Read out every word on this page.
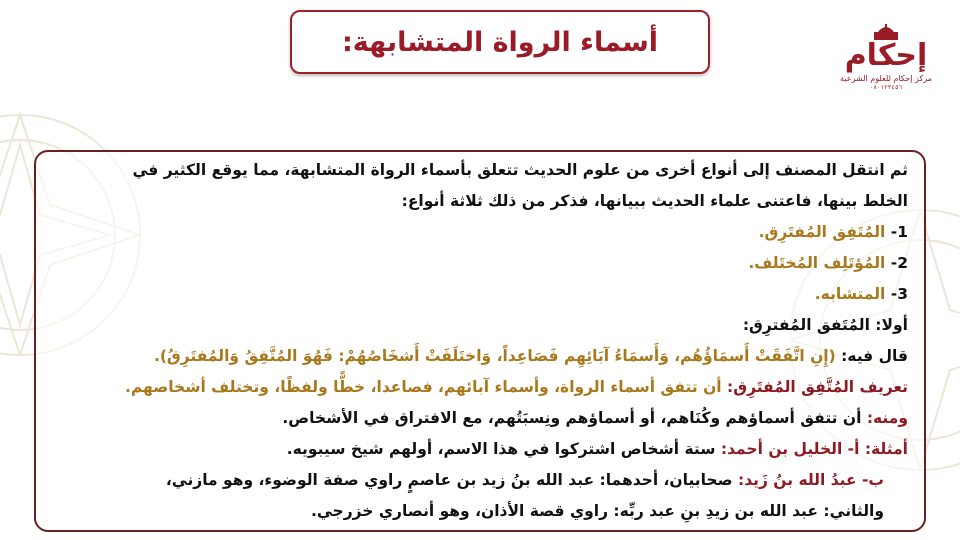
أسماء الرواة المتشابهة:	إحكام
مركز إحكام للعلوم الشرعية
٠٨٠١٢٣٤٥٦
ثم انتقل المصنف إلى أنواع أخرى من علوم الحديث تتعلق بأسماء الرواة المتشابهة، مما يوقع الكثير في
الخلط بينها، فاعتنى علماء الحديث ببيانها، فذكر من ذلك ثلاثة أنواع:
1- المُتَفِق المُفتَرِق.
2- المُؤتَلِف المُختَلف.
3- المتشابه.
أولا: المُتَفق المُفترِق:
قال فيه: (إِنِ اتَّفَقَتْ أَسمَاؤُهُم، وَأَسمَاءُ آبَائِهِم فَصَاعِداً، وَاختَلَفَتْ أَشخَاصُهُمْ: فَهُوَ المُتَّفِقُ وَالمُفتَرِقُ).
تعريف المُتَّفِق المُفتَرِق: أن تتفق أسماء الرواة، وأسماء آبائهم، فصاعدا، خطًّا ولفظًا، وتختلف أشخاصهم.
ومنه: أن تتفق أسماؤهم وكُنَاهم، أو أسماؤهم ونِسبَتُهم، مع الافتراق في الأشخاص.
أمثلة: أ- الخليل بن أحمد: ستة أشخاص اشتركوا في هذا الاسم، أولهم شيخ سيبويه.
ب- عبدُ الله بنُ زَيد: صحابيان، أحدهما: عبد الله بنُ زيد بن عاصمٍ راوي صفة الوضوء، وهو مازني،
والثاني: عبد الله بن زيدِ بنِ عبد ربِّه: راوي قصة الأذان، وهو أنصاري خزرجي.
